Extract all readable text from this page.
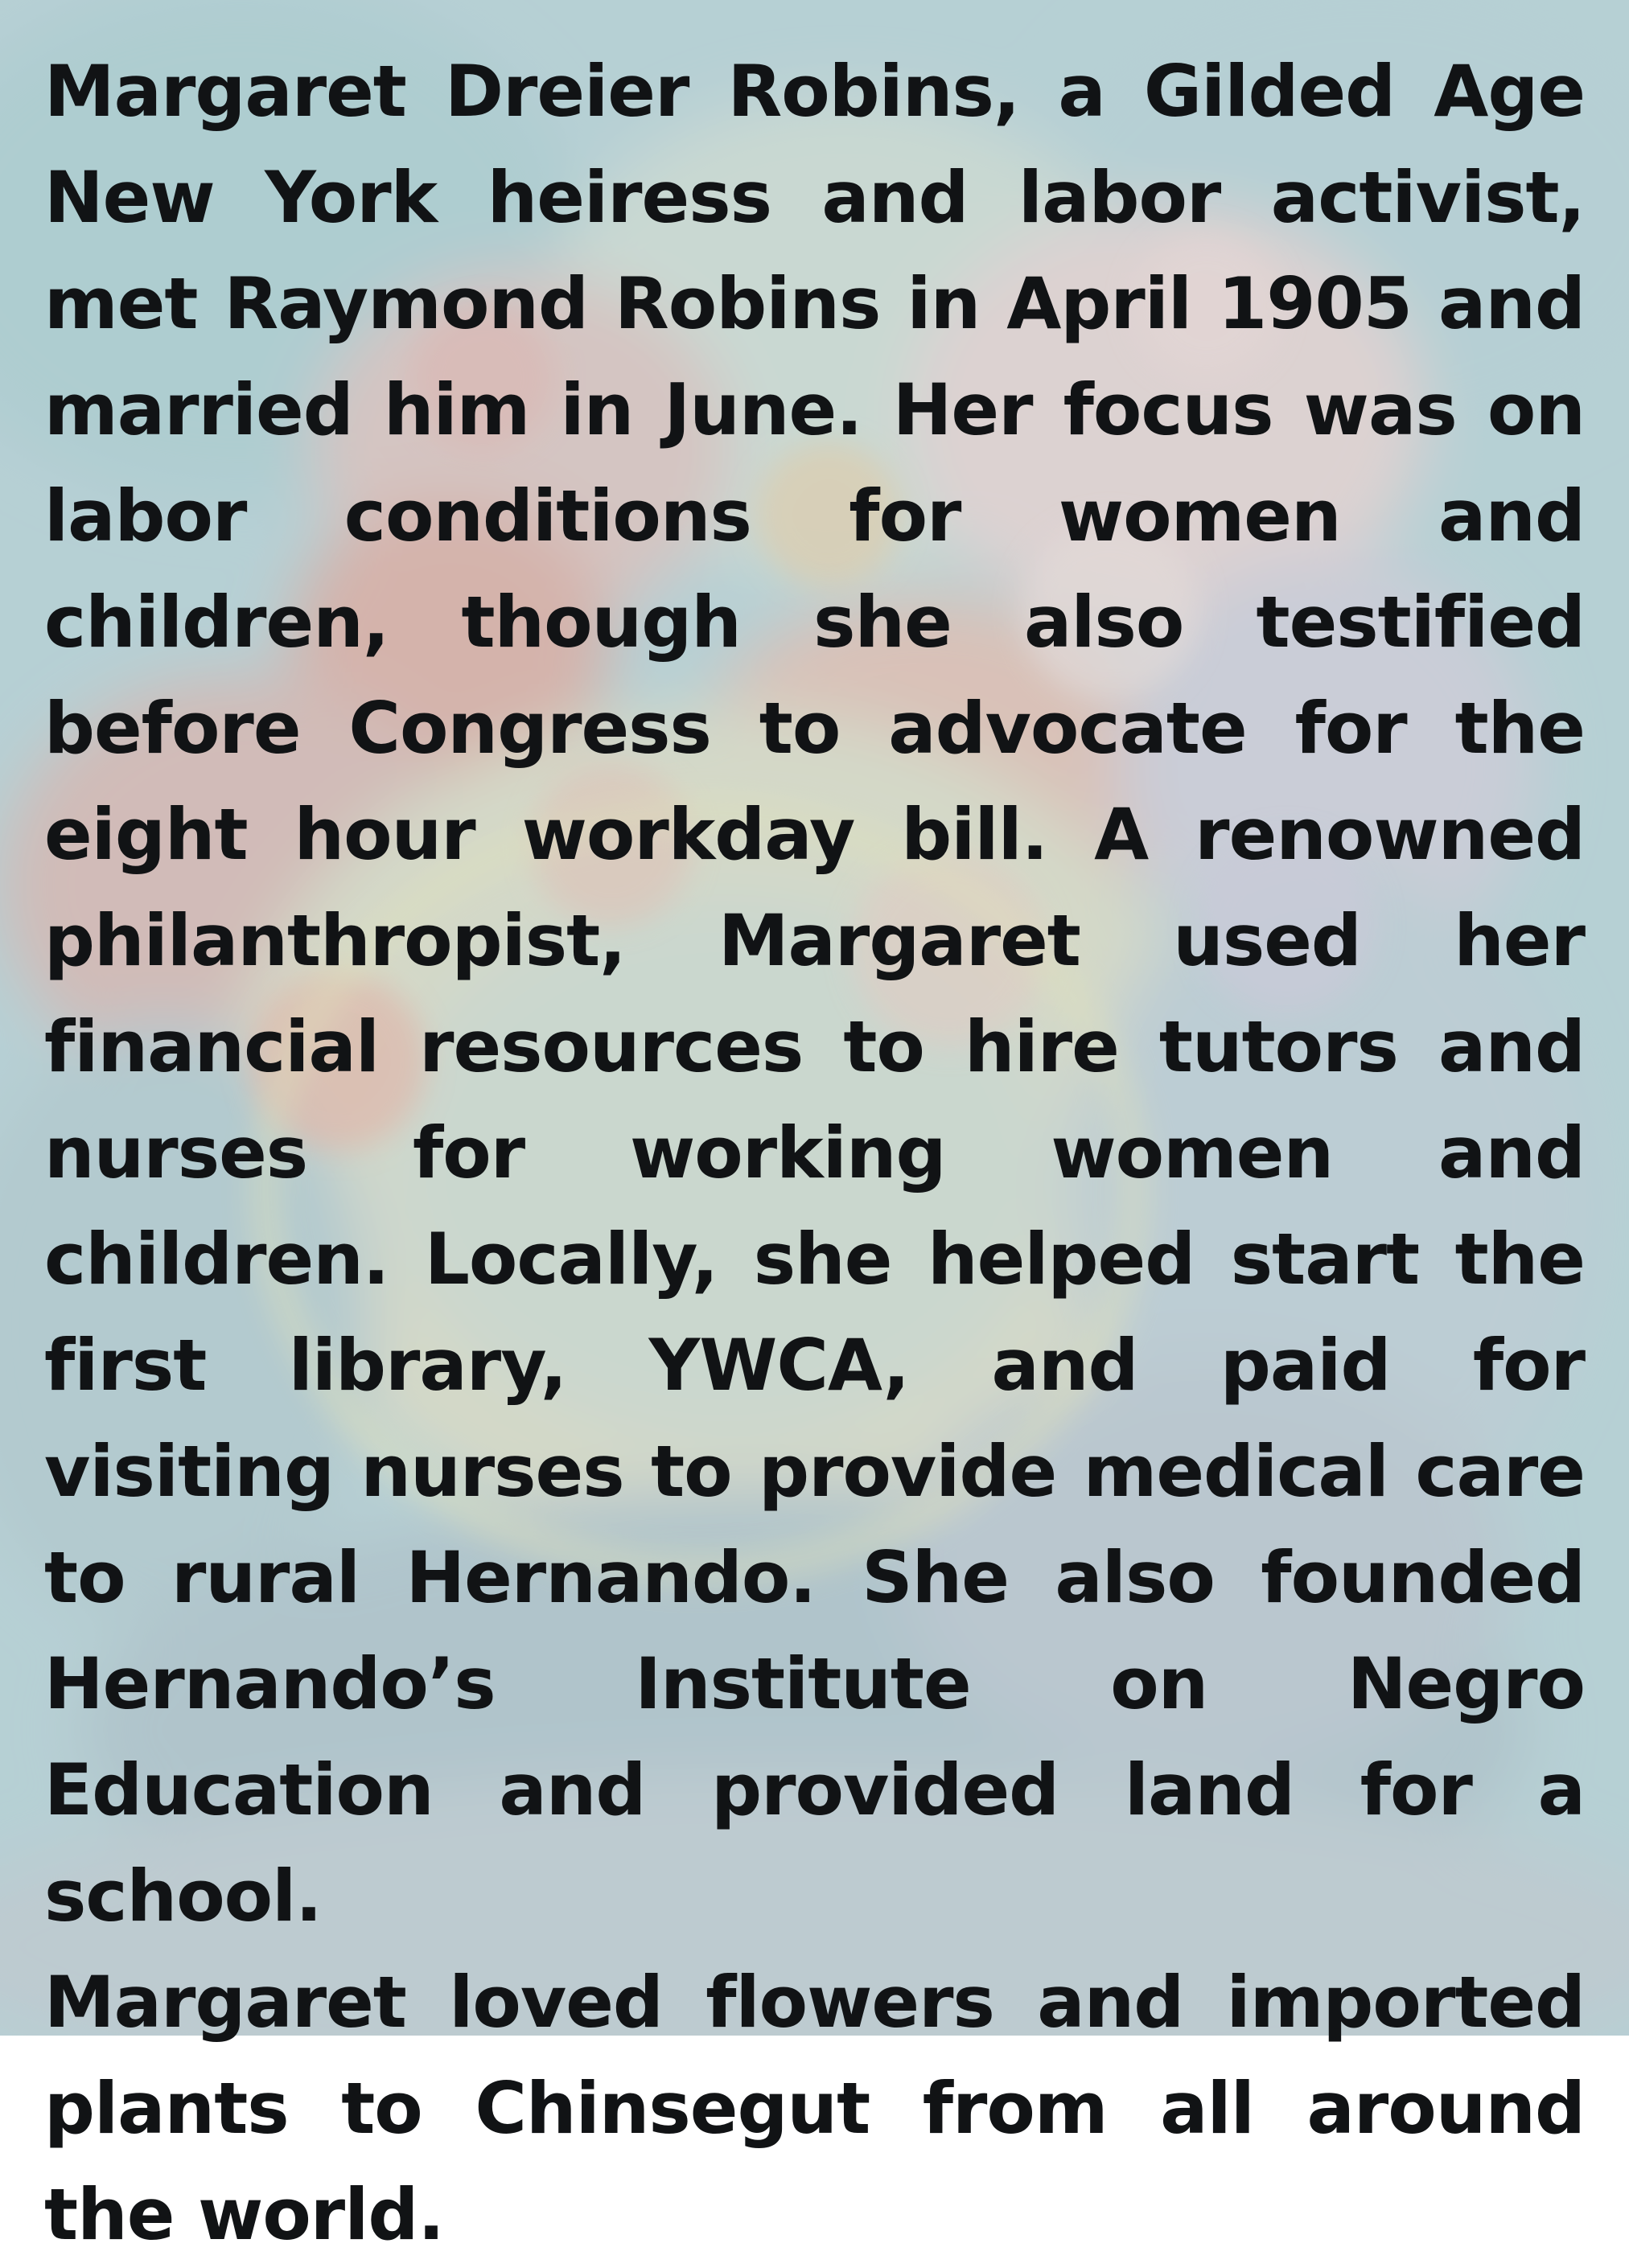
Margaret Dreier Robins, a Gilded Age New York heiress and labor activist, met Raymond Robins in April 1905 and married him in June. Her focus was on labor conditions for women and children, though she also testified before Congress to advocate for the eight hour workday bill. A renowned philanthropist, Margaret used her financial resources to hire tutors and nurses for working women and children. Locally, she helped start the first library, YWCA, and paid for visiting nurses to provide medical care to rural Hernando. She also founded Hernando’s Institute on Negro Education and provided land for a school.

Margaret loved flowers and imported plants to Chinsegut from all around the world.
